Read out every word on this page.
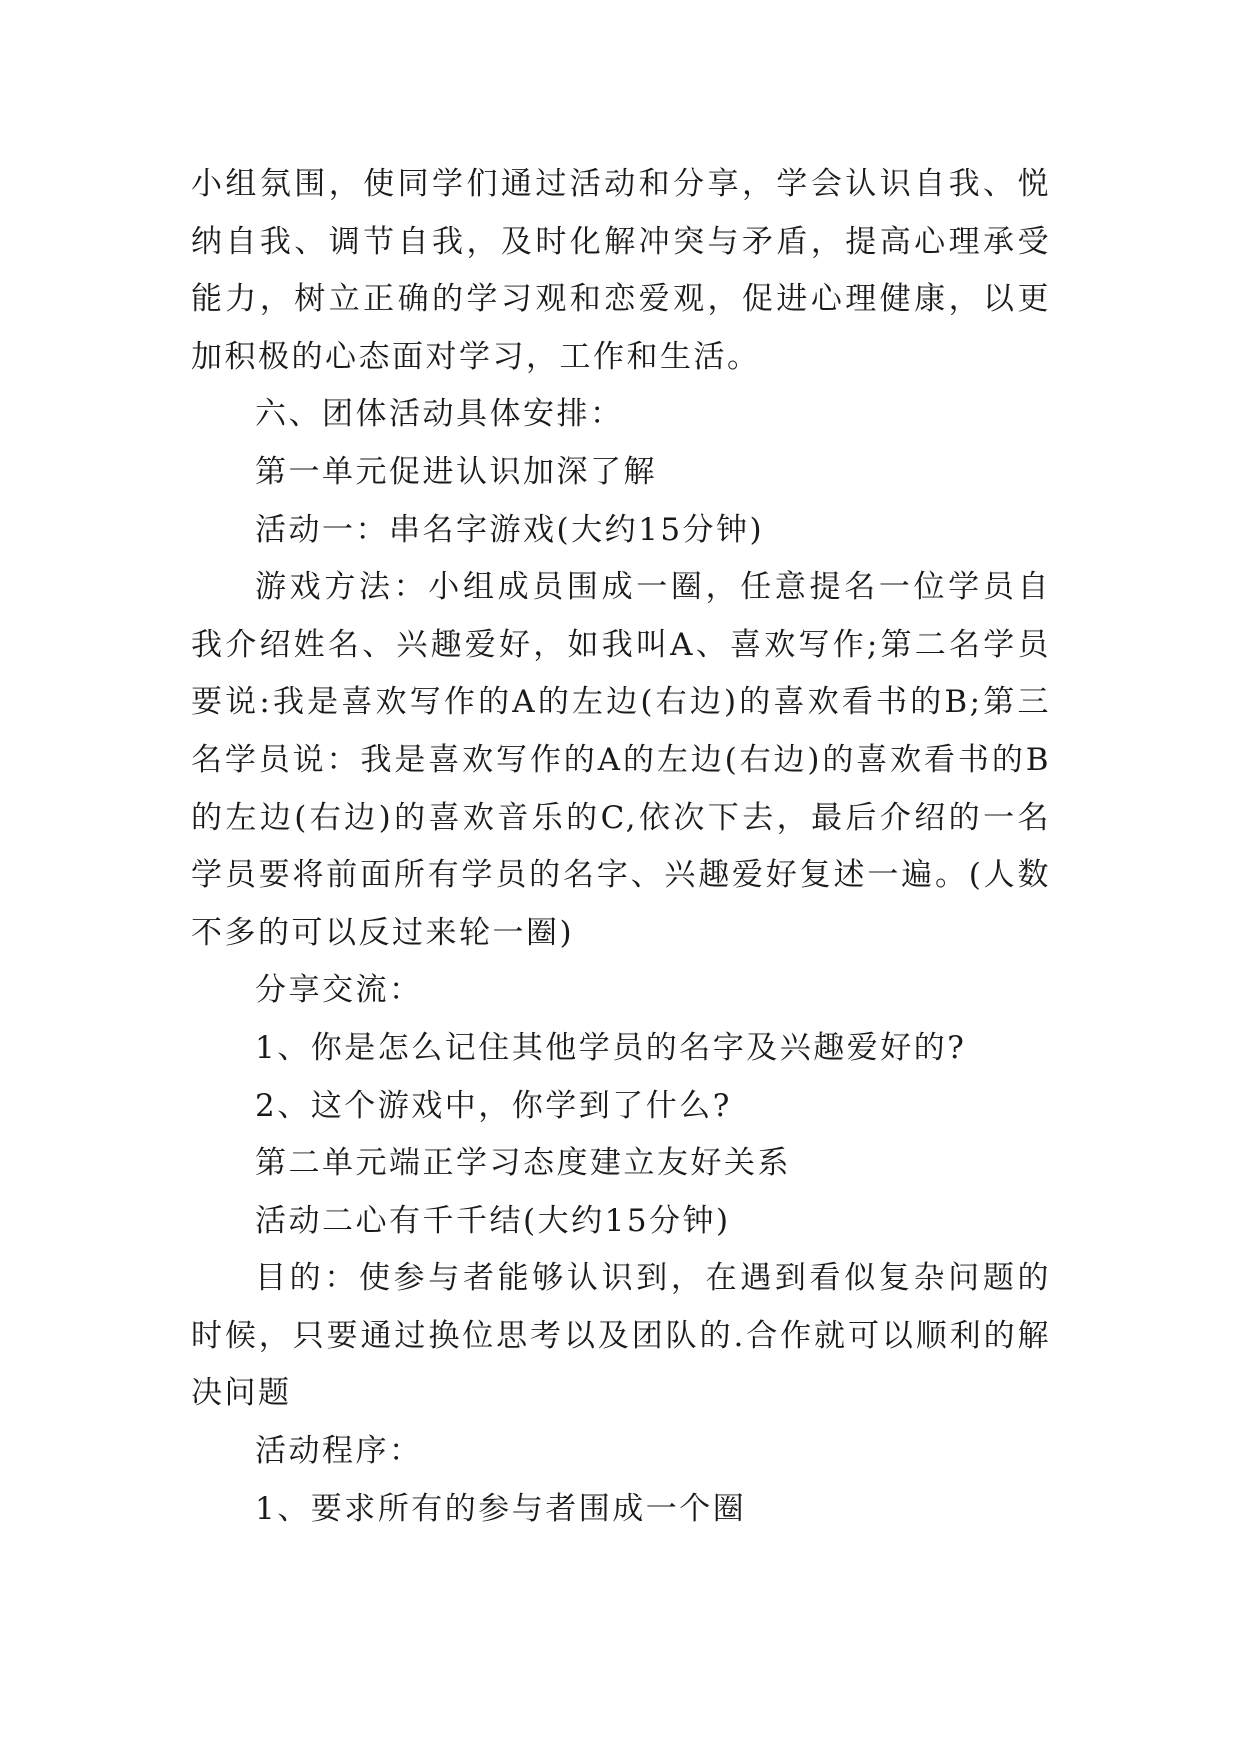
小组氛围，使同学们通过活动和分享，学会认识自我、悦纳自我、调节自我，及时化解冲突与矛盾，提高心理承受能力，树立正确的学习观和恋爱观，促进心理健康，以更加积极的心态面对学习，工作和生活。

六、团体活动具体安排：

第一单元促进认识加深了解

活动一：串名字游戏(大约15分钟)

游戏方法：小组成员围成一圈，任意提名一位学员自我介绍姓名、兴趣爱好，如我叫A、喜欢写作;第二名学员要说:我是喜欢写作的A的左边(右边)的喜欢看书的B;第三名学员说：我是喜欢写作的A的左边(右边)的喜欢看书的B的左边(右边)的喜欢音乐的C,依次下去，最后介绍的一名学员要将前面所有学员的名字、兴趣爱好复述一遍。(人数不多的可以反过来轮一圈)

分享交流：

1、你是怎么记住其他学员的名字及兴趣爱好的?

2、这个游戏中，你学到了什么?

第二单元端正学习态度建立友好关系

活动二心有千千结(大约15分钟)

目的：使参与者能够认识到，在遇到看似复杂问题的时候，只要通过换位思考以及团队的.合作就可以顺利的解决问题

活动程序：

1、要求所有的参与者围成一个圈
